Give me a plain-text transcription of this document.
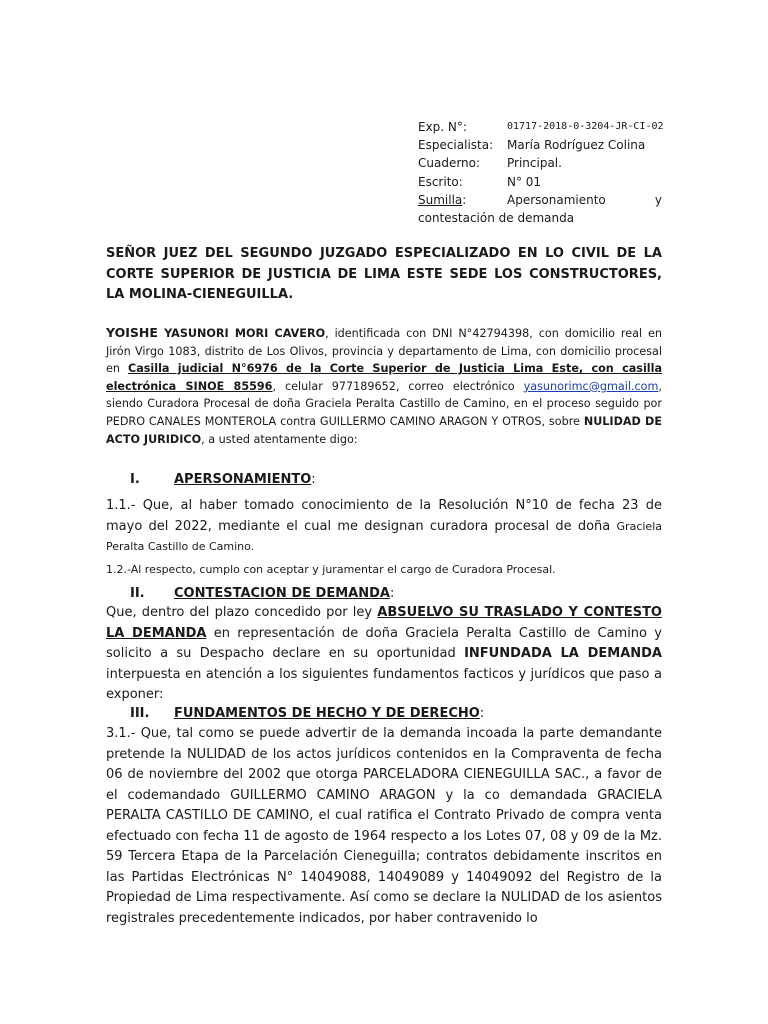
Exp. N°:	01717-2018-0-3204-JR-CI-02
Especialista:	María Rodríguez Colina
Cuaderno:	Principal.
Escrito:	N° 01
Sumilla:	Apersonamiento	y
contestación de demanda
SEÑOR JUEZ DEL SEGUNDO JUZGADO ESPECIALIZADO EN LO CIVIL DE LA CORTE SUPERIOR DE JUSTICIA DE LIMA ESTE SEDE LOS CONSTRUCTORES, LA MOLINA-CIENEGUILLA.
YOISHE YASUNORI MORI CAVERO, identificada con DNI N°42794398, con domicilio real en Jirón Virgo 1083, distrito de Los Olivos, provincia y departamento de Lima, con domicilio procesal en Casilla judicial N°6976 de la Corte Superior de Justicia Lima Este, con casilla electrónica SINOE 85596, celular 977189652, correo electrónico yasunorimc@gmail.com, siendo Curadora Procesal de doña Graciela Peralta Castillo de Camino, en el proceso seguido por PEDRO CANALES MONTEROLA contra GUILLERMO CAMINO ARAGON Y OTROS, sobre NULIDAD DE ACTO JURIDICO, a usted atentamente digo:
I.	APERSONAMIENTO :
1.1.- Que, al haber tomado conocimiento de la Resolución N°10 de fecha 23 de mayo del 2022, mediante el cual me designan curadora procesal de doña Graciela Peralta Castillo de Camino.
1.2.-Al respecto, cumplo con aceptar y juramentar el cargo de Curadora Procesal.
II.	CONTESTACION DE DEMANDA :
Que, dentro del plazo concedido por ley ABSUELVO SU TRASLADO Y CONTESTO LA DEMANDA en representación de doña Graciela Peralta Castillo de Camino y solicito a su Despacho declare en su oportunidad INFUNDADA LA DEMANDA interpuesta en atención a los siguientes fundamentos facticos y jurídicos que paso a exponer:
III.	FUNDAMENTOS DE HECHO Y DE DERECHO :
3.1.- Que, tal como se puede advertir de la demanda incoada la parte demandante pretende la NULIDAD de los actos jurídicos contenidos en la Compraventa de fecha 06 de noviembre del 2002 que otorga PARCELADORA CIENEGUILLA SAC., a favor de el codemandado GUILLERMO CAMINO ARAGON y la co demandada GRACIELA PERALTA CASTILLO DE CAMINO, el cual ratifica el Contrato Privado de compra venta efectuado con fecha 11 de agosto de 1964 respecto a los Lotes 07, 08 y 09 de la Mz. 59 Tercera Etapa de la Parcelación Cieneguilla; contratos debidamente inscritos en las Partidas Electrónicas N° 14049088, 14049089 y 14049092 del Registro de la Propiedad de Lima respectivamente. Así como se declare la NULIDAD de los asientos registrales precedentemente indicados, por haber contravenido lo
